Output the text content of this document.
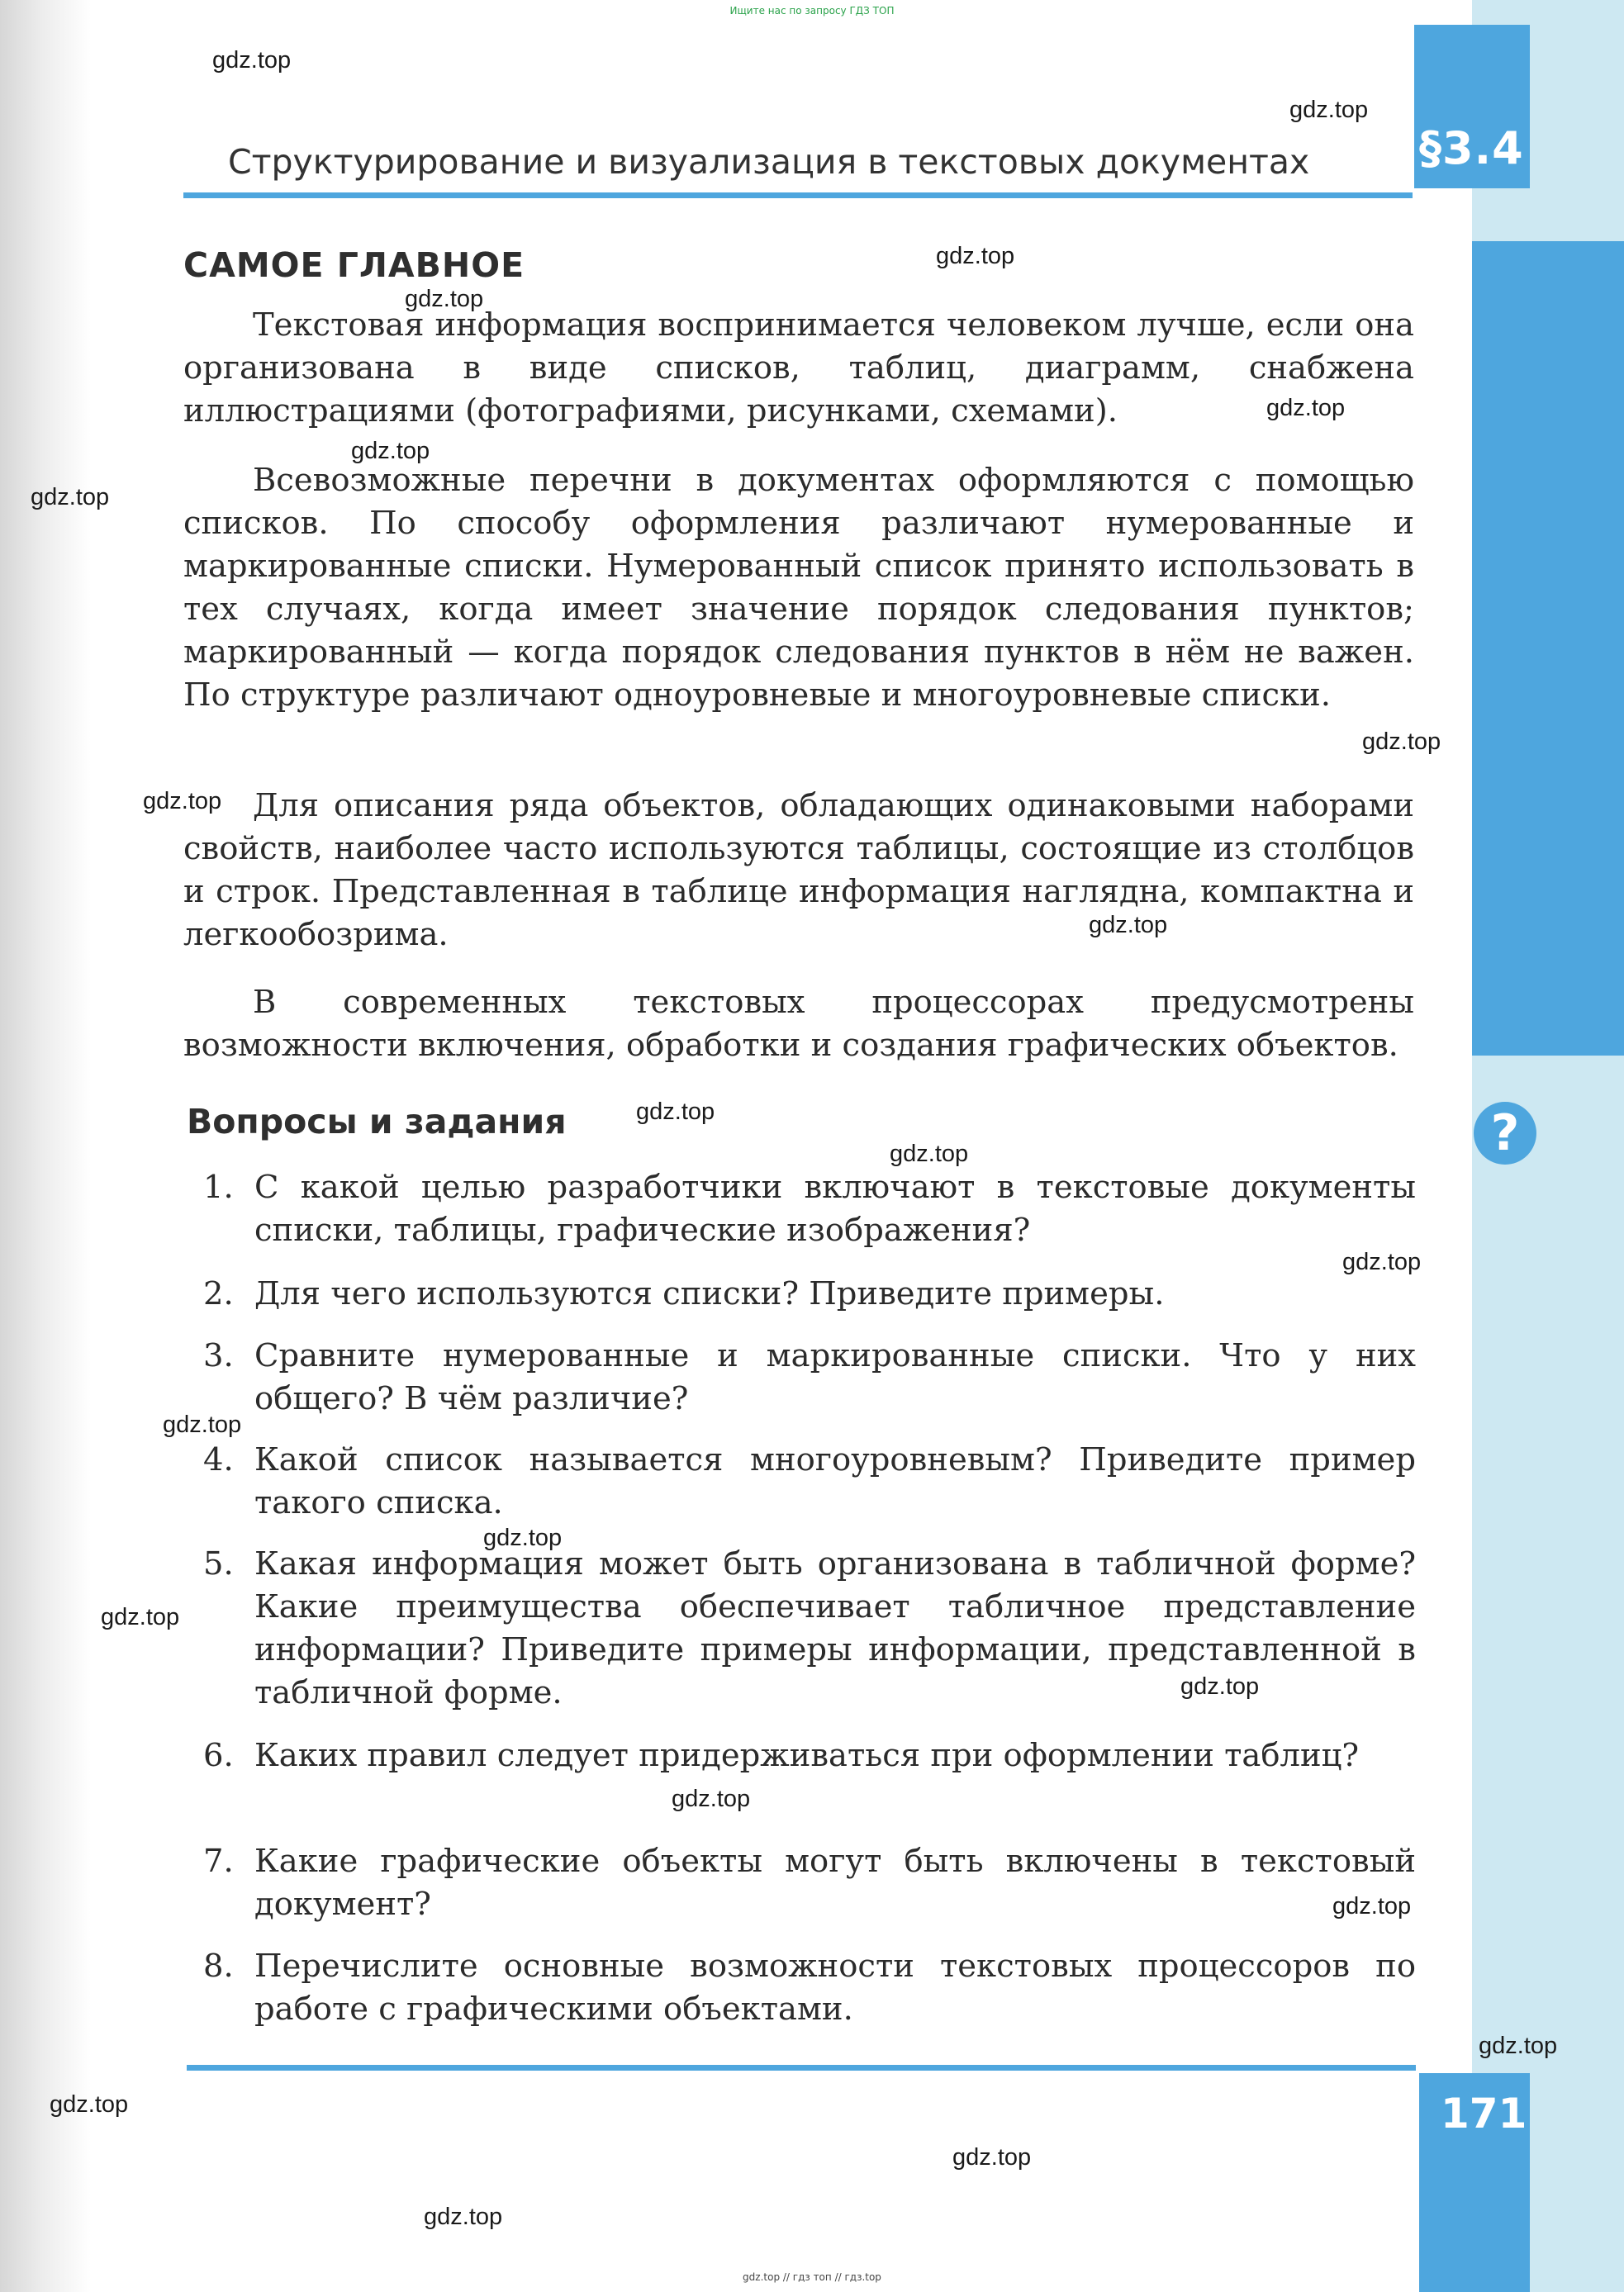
Ищите нас по запросу ГДЗ ТОП
§3.4
Структурирование и визуализация в текстовых документах
САМОЕ ГЛАВНОЕ

Текстовая информация воспринимается человеком лучше, если она организована в виде списков, таблиц, диаграмм, снабжена иллюстрациями (фотографиями, рисунками, схемами).

Всевозможные перечни в документах оформляются с помощью списков. По способу оформления различают нумерованные и маркированные списки. Нумерованный список принято использовать в тех случаях, когда имеет значение порядок следования пунктов; маркированный — когда порядок следования пунктов в нём не важен. По структуре различают одноуровневые и многоуровневые списки.

Для описания ряда объектов, обладающих одинаковыми наборами свойств, наиболее часто используются таблицы, состоящие из столбцов и строк. Представленная в таблице информация наглядна, компактна и легкообозрима.

В современных текстовых процессорах предусмотрены возможности включения, обработки и создания графических объектов.

Вопросы и задания	?
1. С какой целью разработчики включают в текстовые документы списки, таблицы, графические изображения?
2. Для чего используются списки? Приведите примеры.
3. Сравните нумерованные и маркированные списки. Что у них общего? В чём различие?
4. Какой список называется многоуровневым? Приведите пример такого списка.
5. Какая информация может быть организована в табличной форме? Какие преимущества обеспечивает табличное представление информации? Приведите примеры информации, представленной в табличной форме.
6. Каких правил следует придерживаться при оформлении таблиц?
7. Какие графические объекты могут быть включены в текстовый документ?
8. Перечислите основные возможности текстовых процессоров по работе с графическими объектами.
171
gdz.top
gdz.top
gdz.top
gdz.top
gdz.top
gdz.top
gdz.top
gdz.top
gdz.top
gdz.top
gdz.top
gdz.top
gdz.top
gdz.top
gdz.top
gdz.top
gdz.top
gdz.top
gdz.top
gdz.top
gdz.top
gdz.top
gdz.top
gdz.top // гдз топ // гдз.top
